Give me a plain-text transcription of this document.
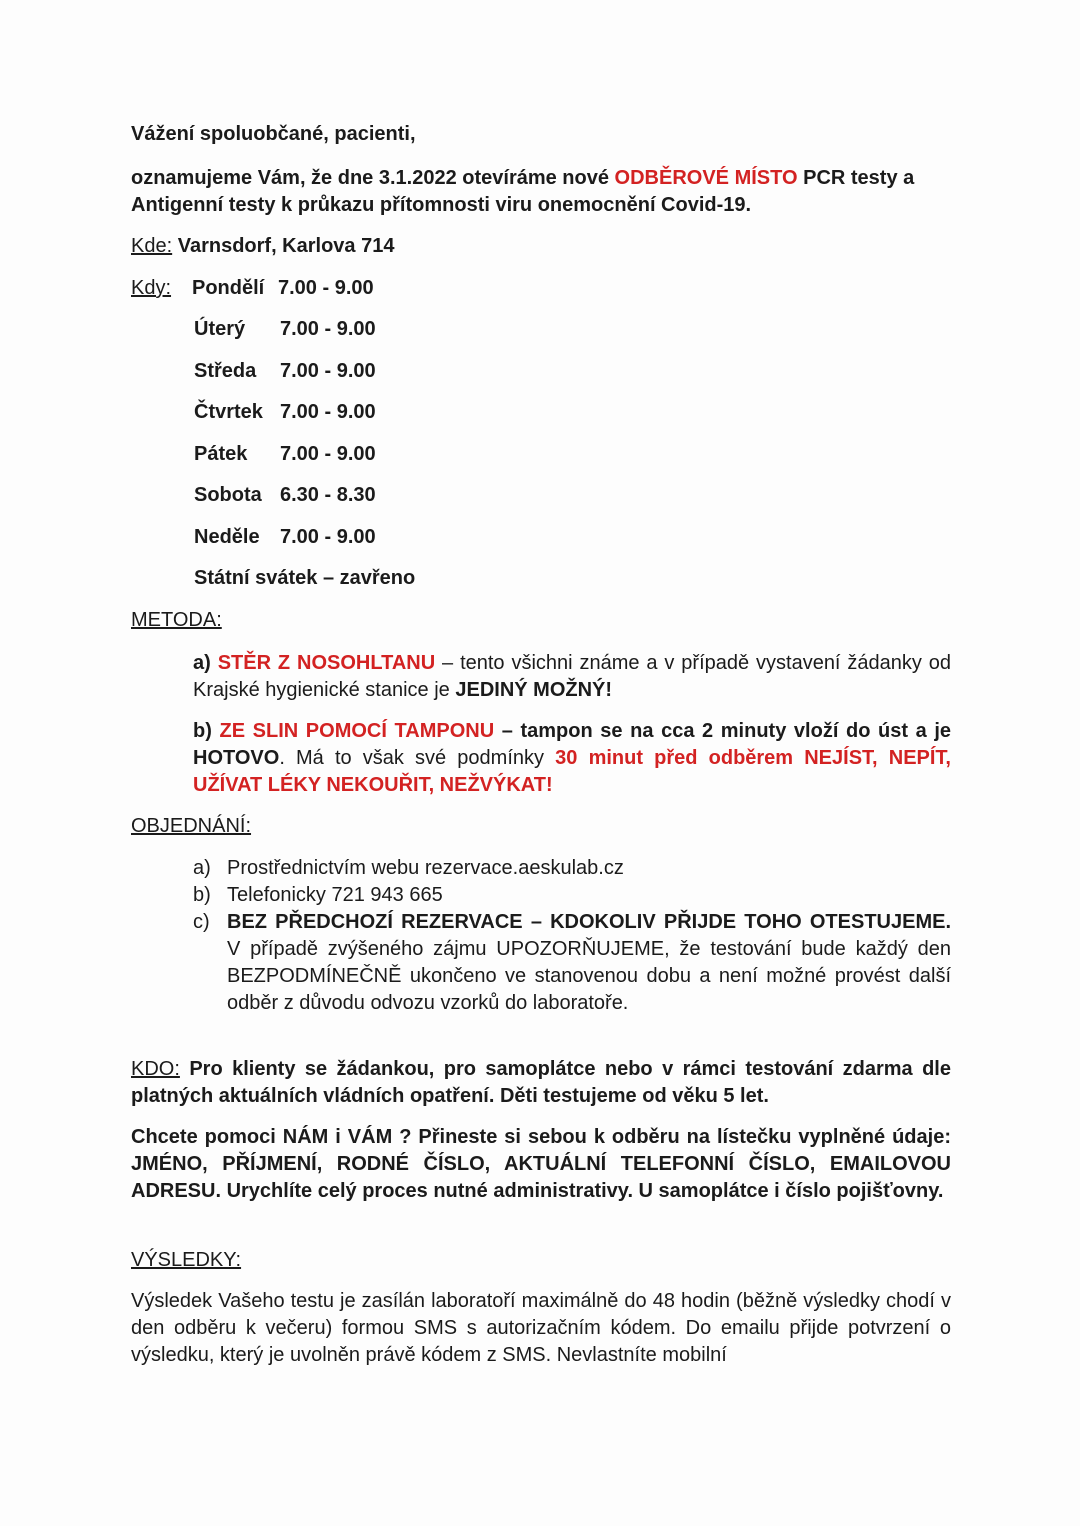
Vážení spoluobčané, pacienti,
oznamujeme Vám, že dne 3.1.2022 otevíráme nové ODBĚROVÉ MÍSTO PCR testy a Antigenní testy k průkazu přítomnosti viru onemocnění Covid-19.
Kde: Varnsdorf, Karlova 714
Kdy:	Pondělí 7.00 - 9.00
Úterý 7.00 - 9.00
Středa 7.00 - 9.00
Čtvrtek 7.00 - 9.00
Pátek 7.00 - 9.00
Sobota 6.30 - 8.30
Neděle 7.00 - 9.00
Státní svátek – zavřeno
METODA:
a) STĚR Z NOSOHLTANU – tento všichni známe a v případě vystavení žádanky od Krajské hygienické stanice je JEDINÝ MOŽNÝ!
b) ZE SLIN POMOCÍ TAMPONU – tampon se na cca 2 minuty vloží do úst a je HOTOVO. Má to však své podmínky 30 minut před odběrem NEJÍST, NEPÍT, UŽÍVAT LÉKY NEKOUŘIT, NEŽVÝKAT!
OBJEDNÁNÍ:
a) Prostřednictvím webu rezervace.aeskulab.cz
b) Telefonicky 721 943 665
c) BEZ PŘEDCHOZÍ REZERVACE – KDOKOLIV PŘIJDE TOHO OTESTUJEME. V případě zvýšeného zájmu UPOZORŇUJEME, že testování bude každý den BEZPODMÍNEČNĚ ukončeno ve stanovenou dobu a není možné provést další odběr z důvodu odvozu vzorků do laboratoře.
KDO: Pro klienty se žádankou, pro samoplátce nebo v rámci testování zdarma dle platných aktuálních vládních opatření. Děti testujeme od věku 5 let.
Chcete pomoci NÁM i VÁM ? Přineste si sebou k odběru na lístečku vyplněné údaje: JMÉNO, PŘÍJMENÍ, RODNÉ ČÍSLO, AKTUÁLNÍ TELEFONNÍ ČÍSLO, EMAILOVOU ADRESU. Urychlíte celý proces nutné administrativy. U samoplátce i číslo pojišťovny.
VÝSLEDKY:
Výsledek Vašeho testu je zasílán laboratoří maximálně do 48 hodin (běžně výsledky chodí v den odběru k večeru) formou SMS s autorizačním kódem. Do emailu přijde potvrzení o výsledku, který je uvolněn právě kódem z SMS. Nevlastníte mobilní
